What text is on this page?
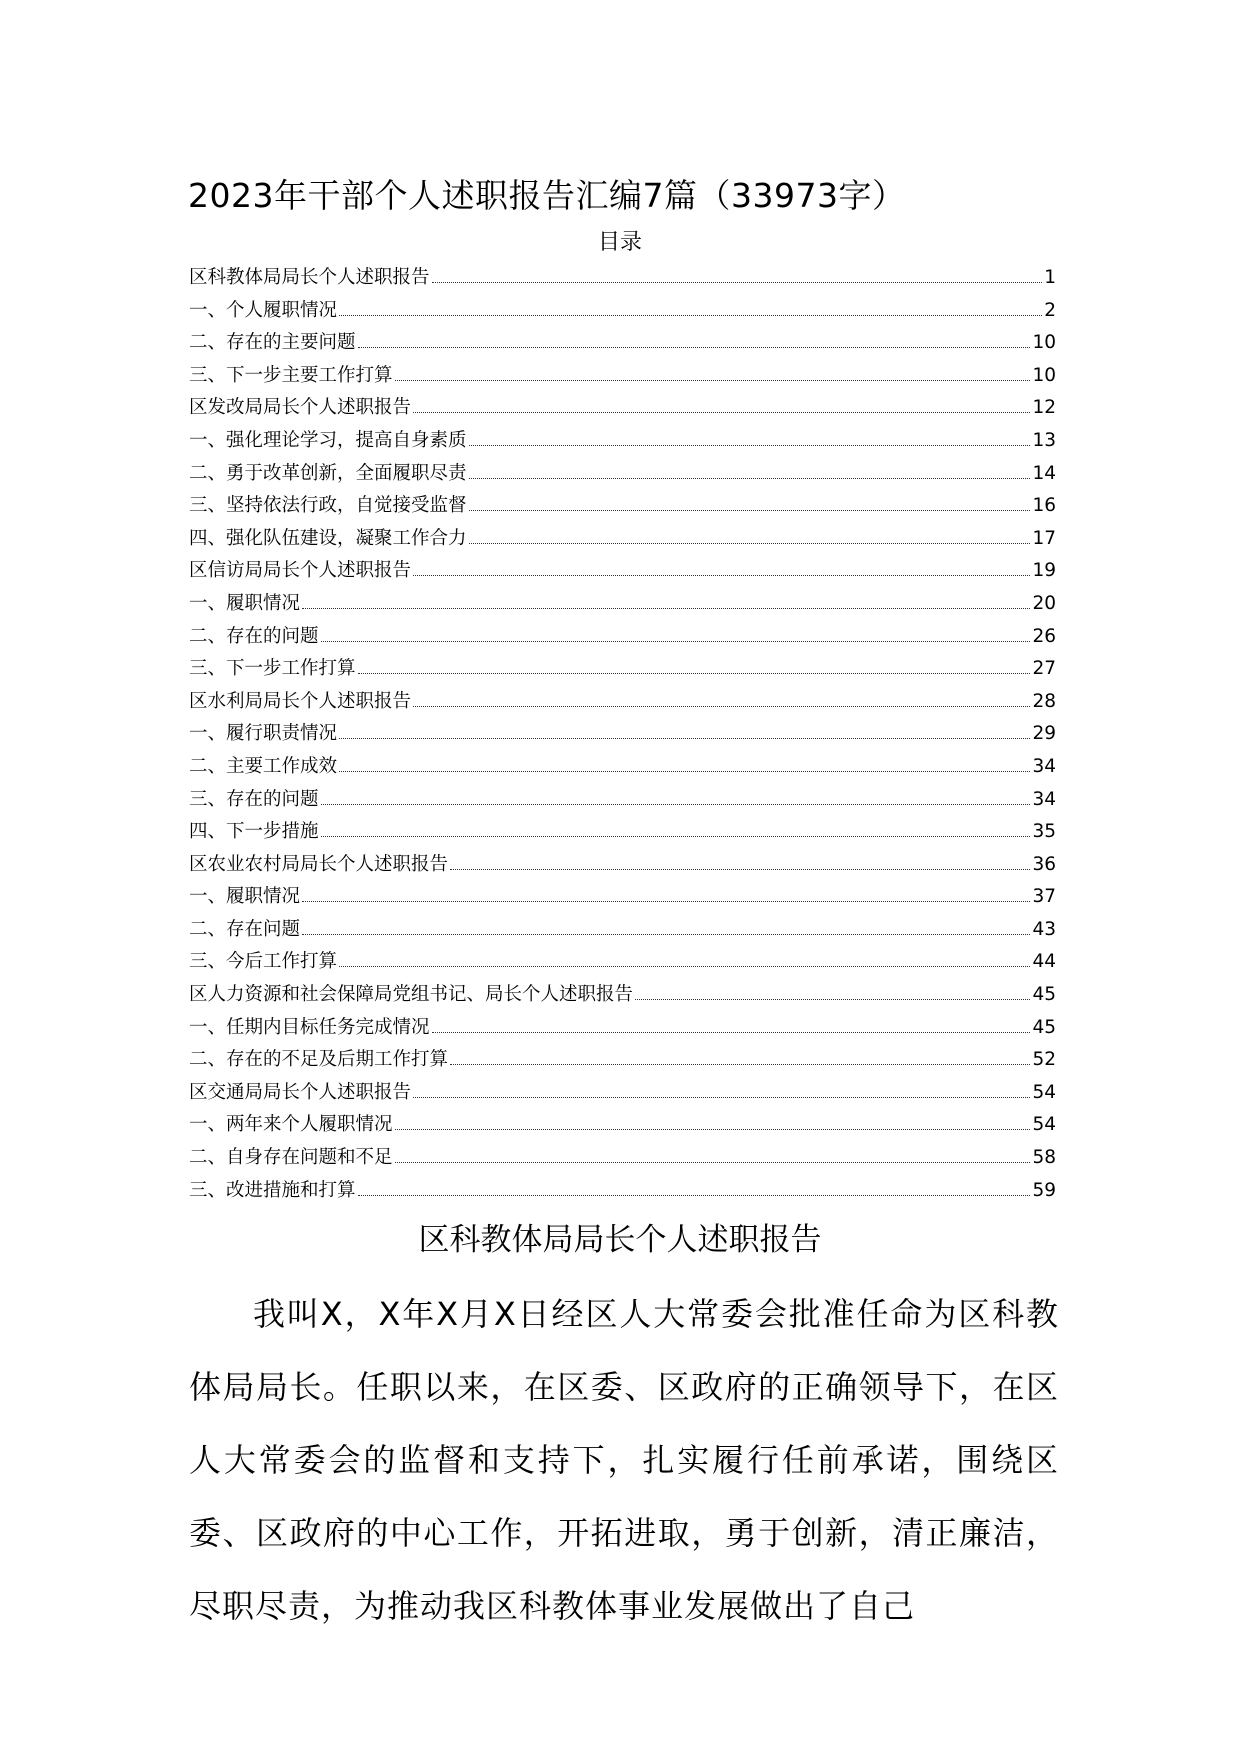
2023年干部个人述职报告汇编7篇（33973字）
目录
区科教体局局长个人述职报告	1
一、个人履职情况	2
二、存在的主要问题	10
三、下一步主要工作打算	10
区发改局局长个人述职报告	12
一、强化理论学习，提高自身素质	13
二、勇于改革创新，全面履职尽责	14
三、坚持依法行政，自觉接受监督	16
四、强化队伍建设，凝聚工作合力	17
区信访局局长个人述职报告	19
一、履职情况	20
二、存在的问题	26
三、下一步工作打算	27
区水利局局长个人述职报告	28
一、履行职责情况	29
二、主要工作成效	34
三、存在的问题	34
四、下一步措施	35
区农业农村局局长个人述职报告	36
一、履职情况	37
二、存在问题	43
三、今后工作打算	44
区人力资源和社会保障局党组书记、局长个人述职报告	45
一、任期内目标任务完成情况	45
二、存在的不足及后期工作打算	52
区交通局局长个人述职报告	54
一、两年来个人履职情况	54
二、自身存在问题和不足	58
三、改进措施和打算	59
区科教体局局长个人述职报告

我叫X，X年X月X日经区人大常委会批准任命为区科教体局局长。任职以来，在区委、区政府的正确领导下，在区人大常委会的监督和支持下，扎实履行任前承诺，围绕区委、区政府的中心工作，开拓进取，勇于创新，清正廉洁，尽职尽责，为推动我区科教体事业发展做出了自己
